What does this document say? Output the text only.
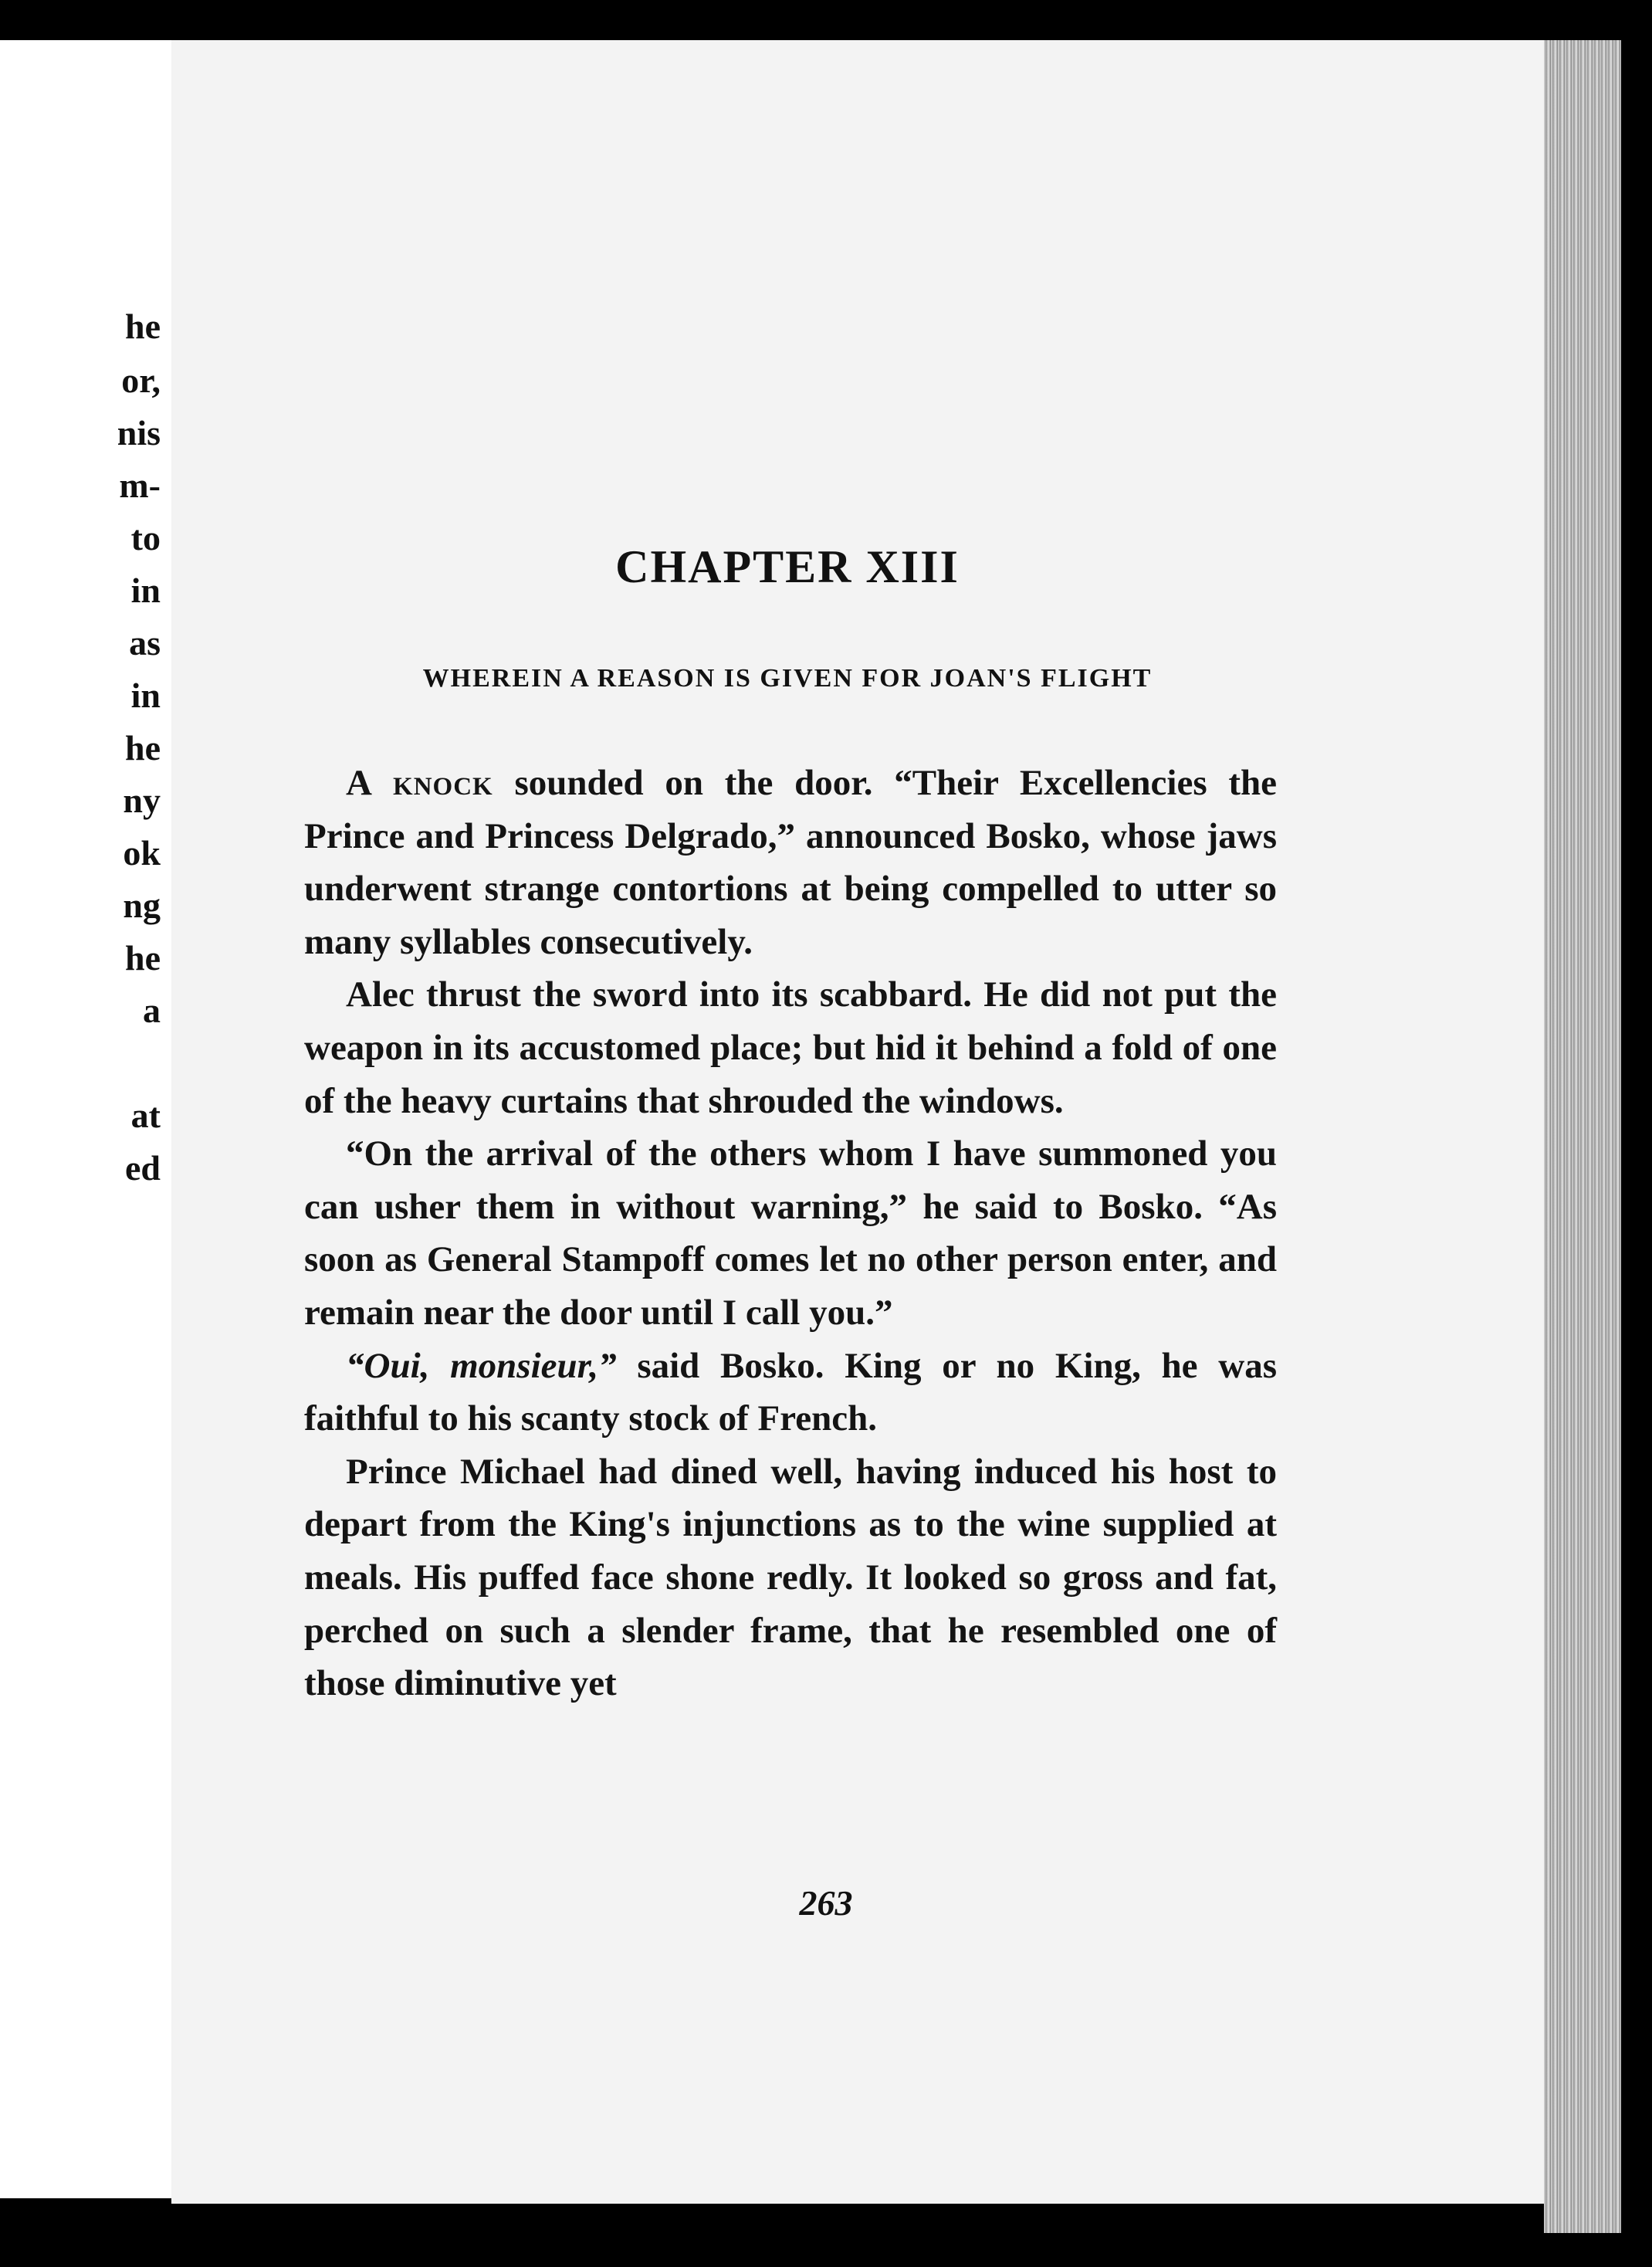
he
or,
nis
m-
to
in
as
in
he
ny
ok
ng
he
a
at
ed
CHAPTER XIII
WHEREIN A REASON IS GIVEN FOR JOAN'S FLIGHT

A knock sounded on the door. “Their Excellencies the Prince and Princess Delgrado,” announced Bosko, whose jaws underwent strange contortions at being compelled to utter so many syllables consecutively.

Alec thrust the sword into its scabbard. He did not put the weapon in its accustomed place; but hid it behind a fold of one of the heavy curtains that shrouded the windows.

“On the arrival of the others whom I have summoned you can usher them in without warning,” he said to Bosko. “As soon as General Stampoff comes let no other person enter, and remain near the door until I call you.”

“Oui, monsieur,” said Bosko. King or no King, he was faithful to his scanty stock of French.

Prince Michael had dined well, having induced his host to depart from the King's injunctions as to the wine supplied at meals. His puffed face shone redly. It looked so gross and fat, perched on such a slender frame, that he resembled one of those diminutive yet

263
